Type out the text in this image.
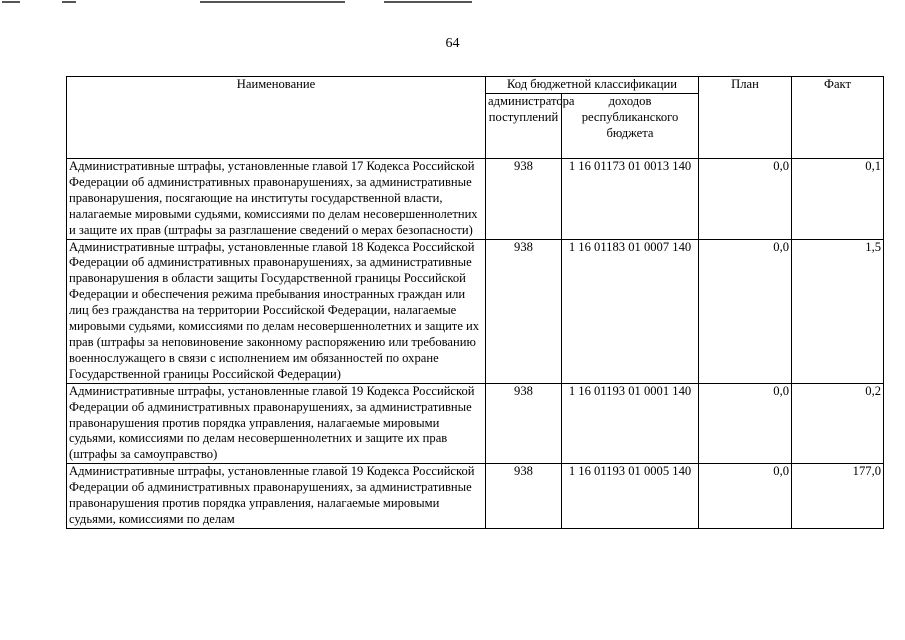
64
Наименование	Код бюджетной классификации		План	Факт
	администратора поступлений	доходов республиканского бюджета		
Административные штрафы, установленные главой 17 Кодекса Российской Федерации об административных правонарушениях, за административные правонарушения, посягающие на институты государственной власти, налагаемые мировыми судьями, комиссиями по делам несовершеннолетних и защите их прав (штрафы за разглашение сведений о мерах безопасности)	938	1 16 01173 01 0013 140	0,0	0,1
Административные штрафы, установленные главой 18 Кодекса Российской Федерации об административных правонарушениях, за административные правонарушения в области защиты Государственной границы Российской Федерации и обеспечения режима пребывания иностранных граждан или лиц без гражданства на территории Российской Федерации, налагаемые мировыми судьями, комиссиями по делам несовершеннолетних и защите их прав (штрафы за неповиновение законному распоряжению или требованию военнослужащего в связи с исполнением им обязанностей по охране Государственной границы Российской Федерации)	938	1 16 01183 01 0007 140	0,0	1,5
Административные штрафы, установленные главой 19 Кодекса Российской Федерации об административных правонарушениях, за административные правонарушения против порядка управления, налагаемые мировыми судьями, комиссиями по делам несовершеннолетних и защите их прав (штрафы за самоуправство)	938	1 16 01193 01 0001 140	0,0	0,2
Административные штрафы, установленные главой 19 Кодекса Российской Федерации об административных правонарушениях, за административные правонарушения против порядка управления, налагаемые мировыми судьями, комиссиями по делам	938	1 16 01193 01 0005 140	0,0	177,0
